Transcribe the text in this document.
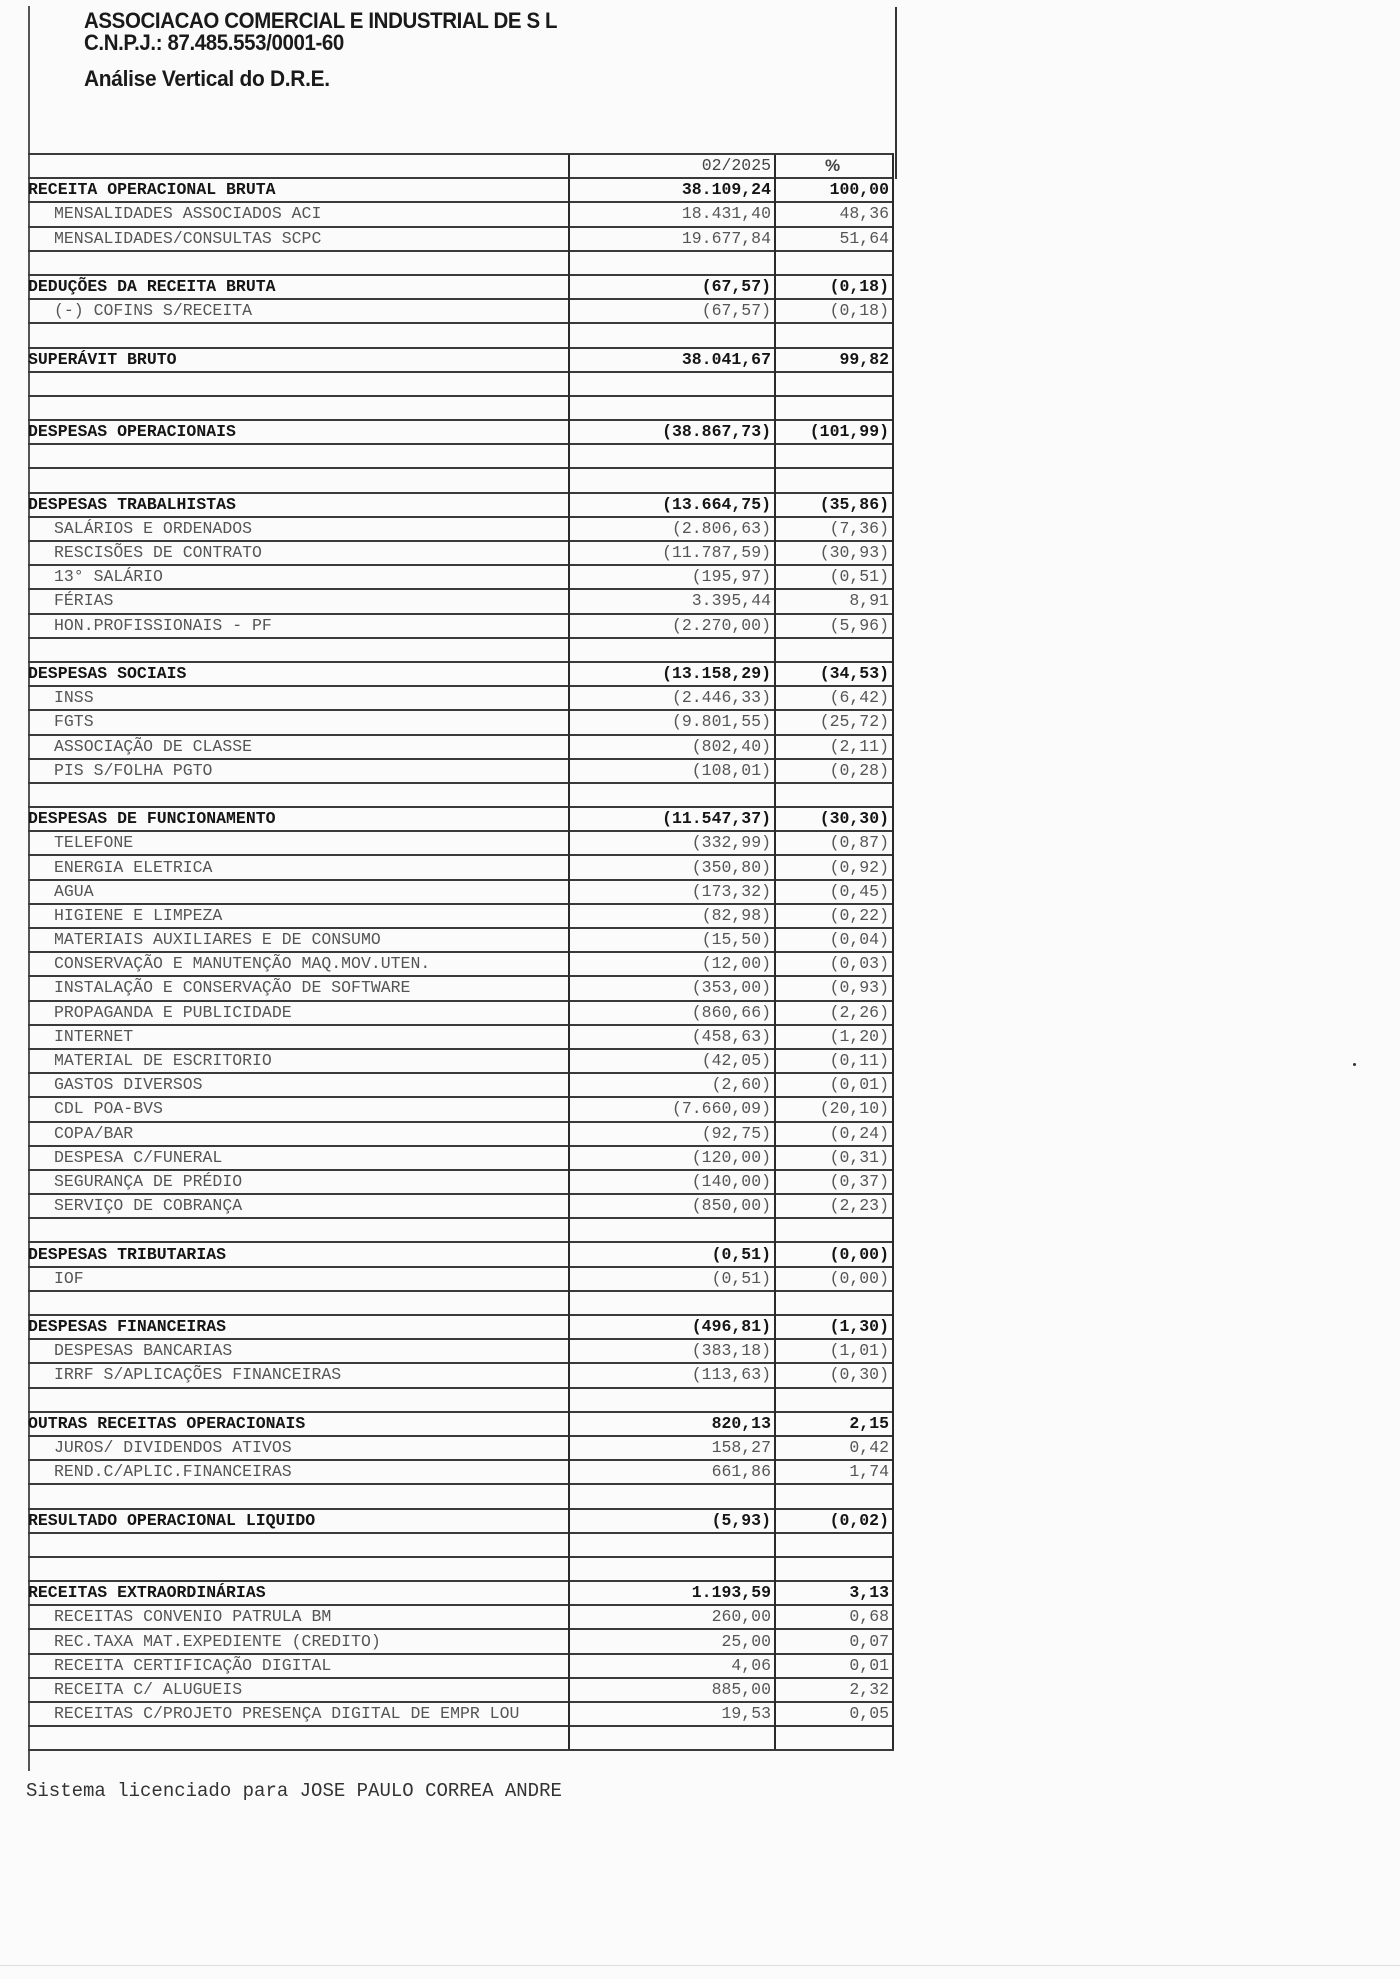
ASSOCIACAO COMERCIAL E INDUSTRIAL DE S L
C.N.P.J.: 87.485.553/0001-60
Análise Vertical do D.R.E.
	02/2025	%
RECEITA OPERACIONAL BRUTA	38.109,24	100,00
MENSALIDADES ASSOCIADOS ACI	18.431,40	48,36
MENSALIDADES/CONSULTAS SCPC	19.677,84	51,64

DEDUÇÕES DA RECEITA BRUTA	(67,57)	(0,18)
(-) COFINS S/RECEITA	(67,57)	(0,18)

SUPERÁVIT BRUTO	38.041,67	99,82

DESPESAS OPERACIONAIS	(38.867,73)	(101,99)

DESPESAS TRABALHISTAS	(13.664,75)	(35,86)
SALÁRIOS E ORDENADOS	(2.806,63)	(7,36)
RESCISÕES DE CONTRATO	(11.787,59)	(30,93)
13° SALÁRIO	(195,97)	(0,51)
FÉRIAS	3.395,44	8,91
HON.PROFISSIONAIS - PF	(2.270,00)	(5,96)

DESPESAS SOCIAIS	(13.158,29)	(34,53)
INSS	(2.446,33)	(6,42)
FGTS	(9.801,55)	(25,72)
ASSOCIAÇÃO DE CLASSE	(802,40)	(2,11)
PIS S/FOLHA PGTO	(108,01)	(0,28)

DESPESAS DE FUNCIONAMENTO	(11.547,37)	(30,30)
TELEFONE	(332,99)	(0,87)
ENERGIA ELETRICA	(350,80)	(0,92)
AGUA	(173,32)	(0,45)
HIGIENE E LIMPEZA	(82,98)	(0,22)
MATERIAIS AUXILIARES E DE CONSUMO	(15,50)	(0,04)
CONSERVAÇÃO E MANUTENÇÃO MAQ.MOV.UTEN.	(12,00)	(0,03)
INSTALAÇÃO E CONSERVAÇÃO DE SOFTWARE	(353,00)	(0,93)
PROPAGANDA E PUBLICIDADE	(860,66)	(2,26)
INTERNET	(458,63)	(1,20)
MATERIAL DE ESCRITORIO	(42,05)	(0,11)
GASTOS DIVERSOS	(2,60)	(0,01)
CDL POA-BVS	(7.660,09)	(20,10)
COPA/BAR	(92,75)	(0,24)
DESPESA C/FUNERAL	(120,00)	(0,31)
SEGURANÇA DE PRÉDIO	(140,00)	(0,37)
SERVIÇO DE COBRANÇA	(850,00)	(2,23)

DESPESAS TRIBUTARIAS	(0,51)	(0,00)
IOF	(0,51)	(0,00)

DESPESAS FINANCEIRAS	(496,81)	(1,30)
DESPESAS BANCARIAS	(383,18)	(1,01)
IRRF S/APLICAÇÕES FINANCEIRAS	(113,63)	(0,30)

OUTRAS RECEITAS OPERACIONAIS	820,13	2,15
JUROS/ DIVIDENDOS ATIVOS	158,27	0,42
REND.C/APLIC.FINANCEIRAS	661,86	1,74

RESULTADO OPERACIONAL LIQUIDO	(5,93)	(0,02)

RECEITAS EXTRAORDINÁRIAS	1.193,59	3,13
RECEITAS CONVENIO PATRULA BM	260,00	0,68
REC.TAXA MAT.EXPEDIENTE (CREDITO)	25,00	0,07
RECEITA CERTIFICAÇÃO DIGITAL	4,06	0,01
RECEITA C/ ALUGUEIS	885,00	2,32
RECEITAS C/PROJETO PRESENÇA DIGITAL DE EMPR LOU	19,53	0,05

Sistema licenciado para JOSE PAULO CORREA ANDRE
